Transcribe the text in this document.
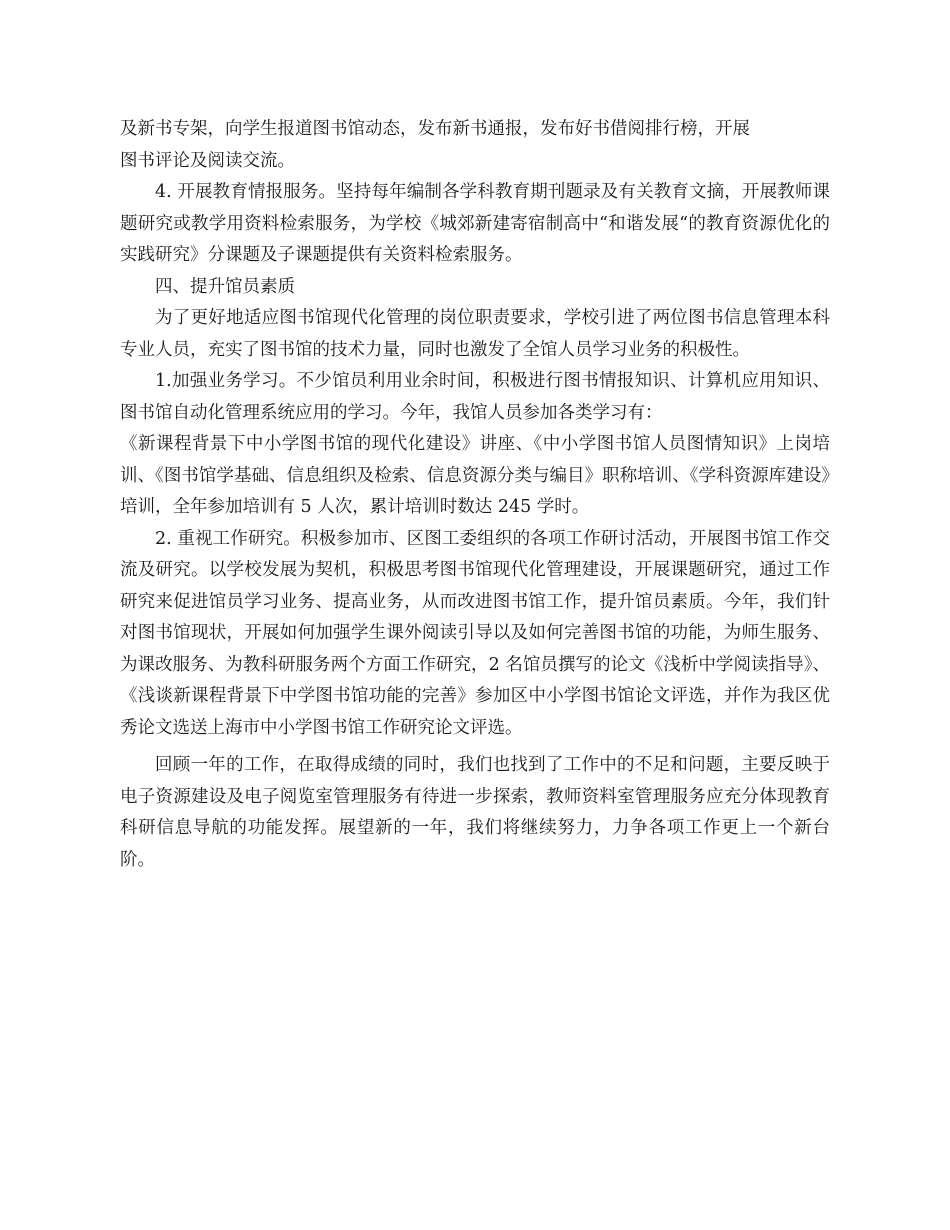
及新书专架，向学生报道图书馆动态，发布新书通报，发布好书借阅排行榜，开展
图书评论及阅读交流。

4. 开展教育情报服务。坚持每年编制各学科教育期刊题录及有关教育文摘，开展教师课题研究或教学用资料检索服务，为学校《城郊新建寄宿制高中“和谐发展“的教育资源优化的实践研究》分课题及子课题提供有关资料检索服务。

四、提升馆员素质

为了更好地适应图书馆现代化管理的岗位职责要求，学校引进了两位图书信息管理本科专业人员，充实了图书馆的技术力量，同时也激发了全馆人员学习业务的积极性。

1.加强业务学习。不少馆员利用业余时间，积极进行图书情报知识、计算机应用知识、图书馆自动化管理系统应用的学习。今年，我馆人员参加各类学习有：
《新课程背景下中小学图书馆的现代化建设》讲座、《中小学图书馆人员图情知识》上岗培训、《图书馆学基础、信息组织及检索、信息资源分类与编目》职称培训、《学科资源库建设》培训，全年参加培训有 5 人次，累计培训时数达 245 学时。

2. 重视工作研究。积极参加市、区图工委组织的各项工作研讨活动，开展图书馆工作交流及研究。以学校发展为契机，积极思考图书馆现代化管理建设，开展课题研究，通过工作研究来促进馆员学习业务、提高业务，从而改进图书馆工作，提升馆员素质。今年，我们针对图书馆现状，开展如何加强学生课外阅读引导以及如何完善图书馆的功能，为师生服务、为课改服务、为教科研服务两个方面工作研究，2 名馆员撰写的论文《浅析中学阅读指导》、《浅谈新课程背景下中学图书馆功能的完善》参加区中小学图书馆论文评选，并作为我区优秀论文选送上海市中小学图书馆工作研究论文评选。

回顾一年的工作，在取得成绩的同时，我们也找到了工作中的不足和问题，主要反映于电子资源建设及电子阅览室管理服务有待进一步探索，教师资料室管理服务应充分体现教育科研信息导航的功能发挥。展望新的一年，我们将继续努力，力争各项工作更上一个新台阶。
